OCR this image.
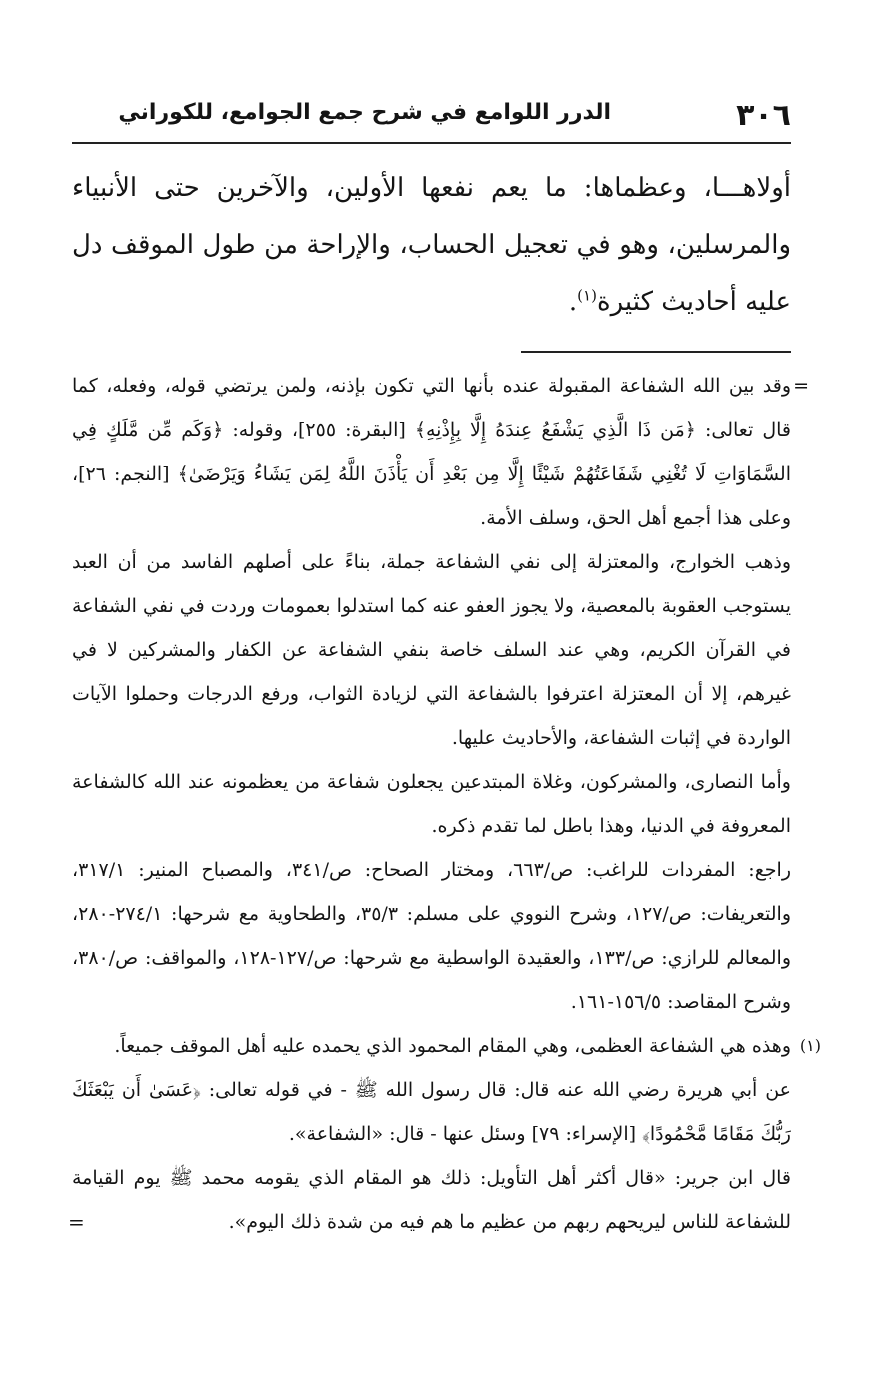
٣٠٦
الدرر اللوامع في شرح جمع الجوامع، للكوراني

أولاهـــا، وعظماها: ما يعم نفعها الأولين، والآخرين حتى الأنبياء والمرسلين، وهو في تعجيل الحساب، والإراحة من طول الموقف دل عليه أحاديث كثيرة$^{(١)}$.

=
وقد بين الله الشفاعة المقبولة عنده بأنها التي تكون بإذنه، ولمن يرتضي قوله، وفعله، كما قال تعالى: ﴿مَن ذَا الَّذِي يَشْفَعُ عِندَهُ إِلَّا بِإِذْنِهِ﴾ [البقرة: ٢٥٥]، وقوله: ﴿وَكَم مِّن مَّلَكٍ فِي السَّمَاوَاتِ لَا تُغْنِي شَفَاعَتُهُمْ شَيْئًا إِلَّا مِن بَعْدِ أَن يَأْذَنَ اللَّهُ لِمَن يَشَاءُ وَيَرْضَىٰ﴾ [النجم: ٢٦]، وعلى هذا أجمع أهل الحق، وسلف الأمة.

وذهب الخوارج، والمعتزلة إلى نفي الشفاعة جملة، بناءً على أصلهم الفاسد من أن العبد يستوجب العقوبة بالمعصية، ولا يجوز العفو عنه كما استدلوا بعمومات وردت في نفي الشفاعة في القرآن الكريم، وهي عند السلف خاصة بنفي الشفاعة عن الكفار والمشركين لا في غيرهم، إلا أن المعتزلة اعترفوا بالشفاعة التي لزيادة الثواب، ورفع الدرجات وحملوا الآيات الواردة في إثبات الشفاعة، والأحاديث عليها.

وأما النصارى، والمشركون، وغلاة المبتدعين يجعلون شفاعة من يعظمونه عند الله كالشفاعة المعروفة في الدنيا، وهذا باطل لما تقدم ذكره.

راجع: المفردات للراغب: ص/٦٦٣، ومختار الصحاح: ص/٣٤١، والمصباح المنير: ٣١٧/١، والتعريفات: ص/١٢٧، وشرح النووي على مسلم: ٣٥/٣، والطحاوية مع شرحها: ٢٧٤/١-٢٨٠، والمعالم للرازي: ص/١٣٣، والعقيدة الواسطية مع شرحها: ص/١٢٧-١٢٨، والمواقف: ص/٣٨٠، وشرح المقاصد: ١٥٦/٥-١٦١.

(١)
وهذه هي الشفاعة العظمى، وهي المقام المحمود الذي يحمده عليه أهل الموقف جميعاً.

عن أبي هريرة رضي الله عنه قال: قال رسول الله ﷺ - في قوله تعالى: ﴿عَسَىٰ أَن يَبْعَثَكَ رَبُّكَ مَقَامًا مَّحْمُودًا﴾ [الإسراء: ٧٩] وسئل عنها - قال: «الشفاعة».

قال ابن جرير: «قال أكثر أهل التأويل: ذلك هو المقام الذي يقومه محمد ﷺ يوم القيامة للشفاعة للناس ليريحهم ربهم من عظيم ما هم فيه من شدة ذلك اليوم».
=
